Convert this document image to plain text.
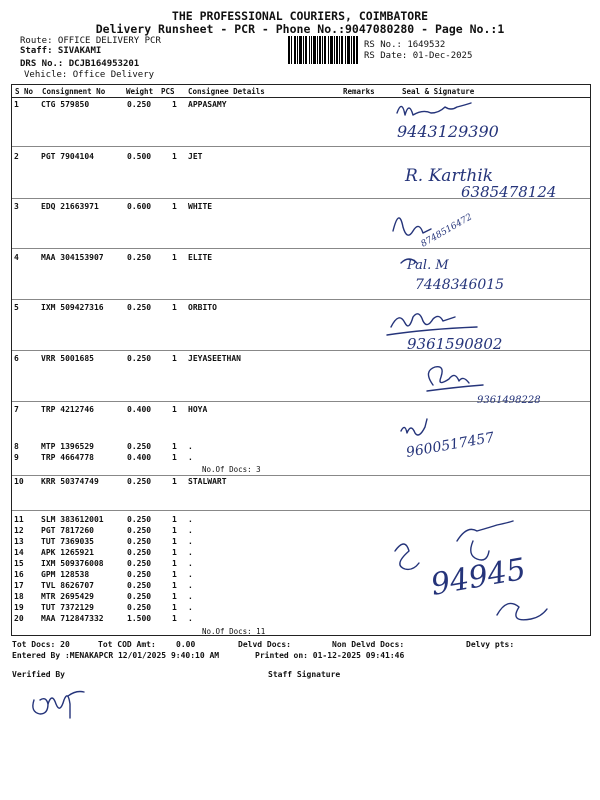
THE PROFESSIONAL COURIERS, COIMBATORE
Delivery Runsheet - PCR - Phone No.:9047080280 - Page No.:1
Route: OFFICE DELIVERY PCR
Staff: SIVAKAMI
DRS No.: DCJB164953201
Vehicle: Office Delivery
RS No.: 1649532
RS Date: 01-Dec-2025
S No Consignment No	Weight PCS Consignee Details	Remarks	Seal & Signature
No.Of Docs: 3
No.Of Docs: 11
9443129390
R. Karthik
6385478124
8748516472
Pal. M
7448346015
9361590802
9361498228
9600517457
94945
1	CTG 579850	0.250	1 APPASAMY
2	PGT 7904104	0.500	1 JET
3	EDQ 21663971	0.600	1 WHITE
4	MAA 304153907	0.250	1 ELITE
5	IXM 509427316	0.250	1 ORBITO
6	VRR 5001685	0.250	1 JEYASEETHAN
7	TRP 4212746	0.400	1 HOYA
8	MTP 1396529	0.250	1 .
9	TRP 4664778	0.400	1 .
10 KRR 50374749	0.250	1 STALWART
11 SLM 383612001	0.250	1 .
12 PGT 7817260	0.250	1 .
13 TUT 7369035	0.250	1 .
14 APK 1265921	0.250	1 .
15 IXM 509376008	0.250	1 .
16 GPM 128538	0.250	1 .
17 TVL 8626707	0.250	1 .
18 MTR 2695429	0.250	1 .
19 TUT 7372129	0.250	1 .
20 MAA 712847332	1.500	1 .
Tot Docs: 20	Tot COD Amt:	0.00	Delvd Docs:	Non Delvd Docs:	Delvy pts:
Entered By :MENAKAPCR 12/01/2025 9:40:10 AM	Printed on: 01-12-2025 09:41:46
Verified By	Staff Signature
